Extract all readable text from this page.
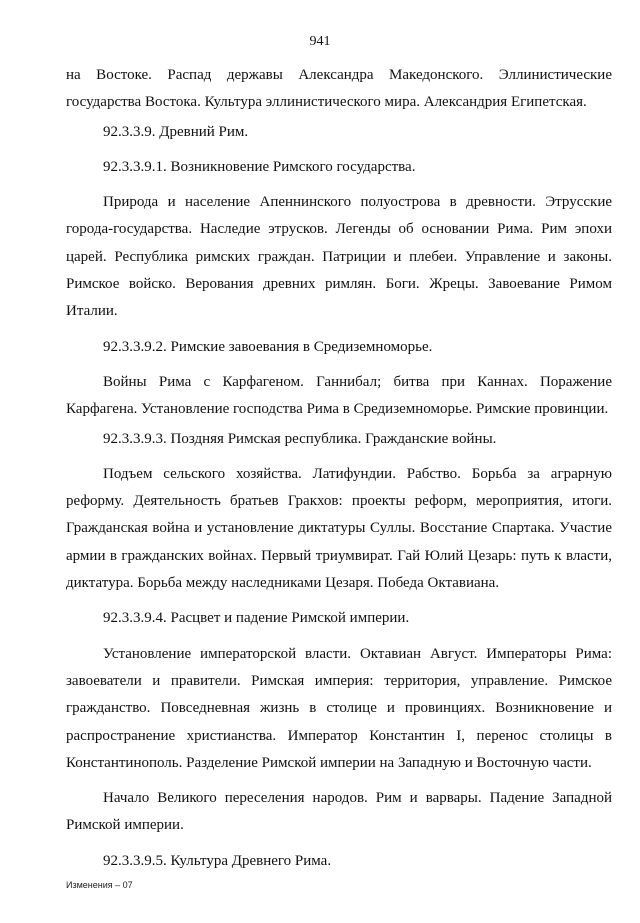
941

на Востоке. Распад державы Александра Македонского. Эллинистические государства Востока. Культура эллинистического мира. Александрия Египетская.

92.3.3.9. Древний Рим.

92.3.3.9.1. Возникновение Римского государства.

Природа и население Апеннинского полуострова в древности. Этрусские города-государства. Наследие этрусков. Легенды об основании Рима. Рим эпохи царей. Республика римских граждан. Патриции и плебеи. Управление и законы. Римское войско. Верования древних римлян. Боги. Жрецы. Завоевание Римом Италии.

92.3.3.9.2. Римские завоевания в Средиземноморье.

Войны Рима с Карфагеном. Ганнибал; битва при Каннах. Поражение Карфагена. Установление господства Рима в Средиземноморье. Римские провинции.

92.3.3.9.3. Поздняя Римская республика. Гражданские войны.

Подъем сельского хозяйства. Латифундии. Рабство. Борьба за аграрную реформу. Деятельность братьев Гракхов: проекты реформ, мероприятия, итоги. Гражданская война и установление диктатуры Суллы. Восстание Спартака. Участие армии в гражданских войнах. Первый триумвират. Гай Юлий Цезарь: путь к власти, диктатура. Борьба между наследниками Цезаря. Победа Октавиана.

92.3.3.9.4. Расцвет и падение Римской империи.

Установление императорской власти. Октавиан Август. Императоры Рима: завоеватели и правители. Римская империя: территория, управление. Римское гражданство. Повседневная жизнь в столице и провинциях. Возникновение и распространение христианства. Император Константин I, перенос столицы в Константинополь. Разделение Римской империи на Западную и Восточную части.

Начало Великого переселения народов. Рим и варвары. Падение Западной Римской империи.

92.3.3.9.5. Культура Древнего Рима.

Изменения – 07
